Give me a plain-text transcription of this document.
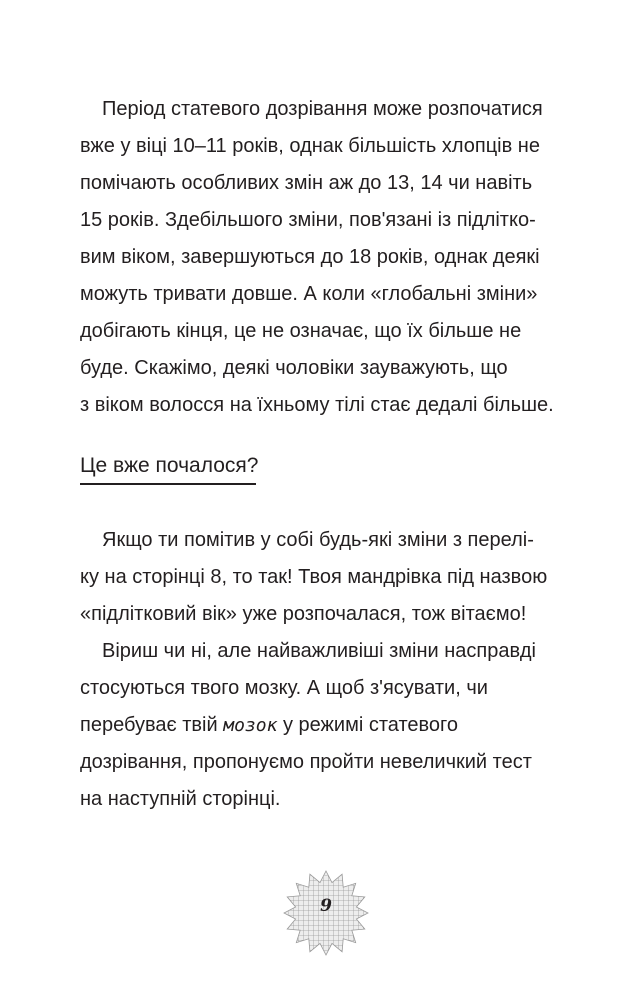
Період статевого дозрівання може розпочатися
вже у віці 10–11 років, однак більшість хлопців не
помічають особливих змін аж до 13, 14 чи навіть
15 років. Здебільшого зміни, пов'язані із підлітко-
вим віком, завершуються до 18 років, однак деякі
можуть тривати довше. А коли «глобальні зміни»
добігають кінця, це не означає, що їх більше не
буде. Скажімо, деякі чоловіки зауважують, що
з віком волосся на їхньому тілі стає дедалі більше.
Це вже почалося?
Якщо ти помітив у собі будь-які зміни з перелі-
ку на сторінці 8, то так! Твоя мандрівка під назвою
«підлітковий вік» уже розпочалася, тож вітаємо!
Віриш чи ні, але найважливіші зміни насправді
стосуються твого мозку. А щоб з'ясувати, чи
перебуває твій мозок у режимі статевого
дозрівання, пропонуємо пройти невеличкий тест
на наступній сторінці.
9
